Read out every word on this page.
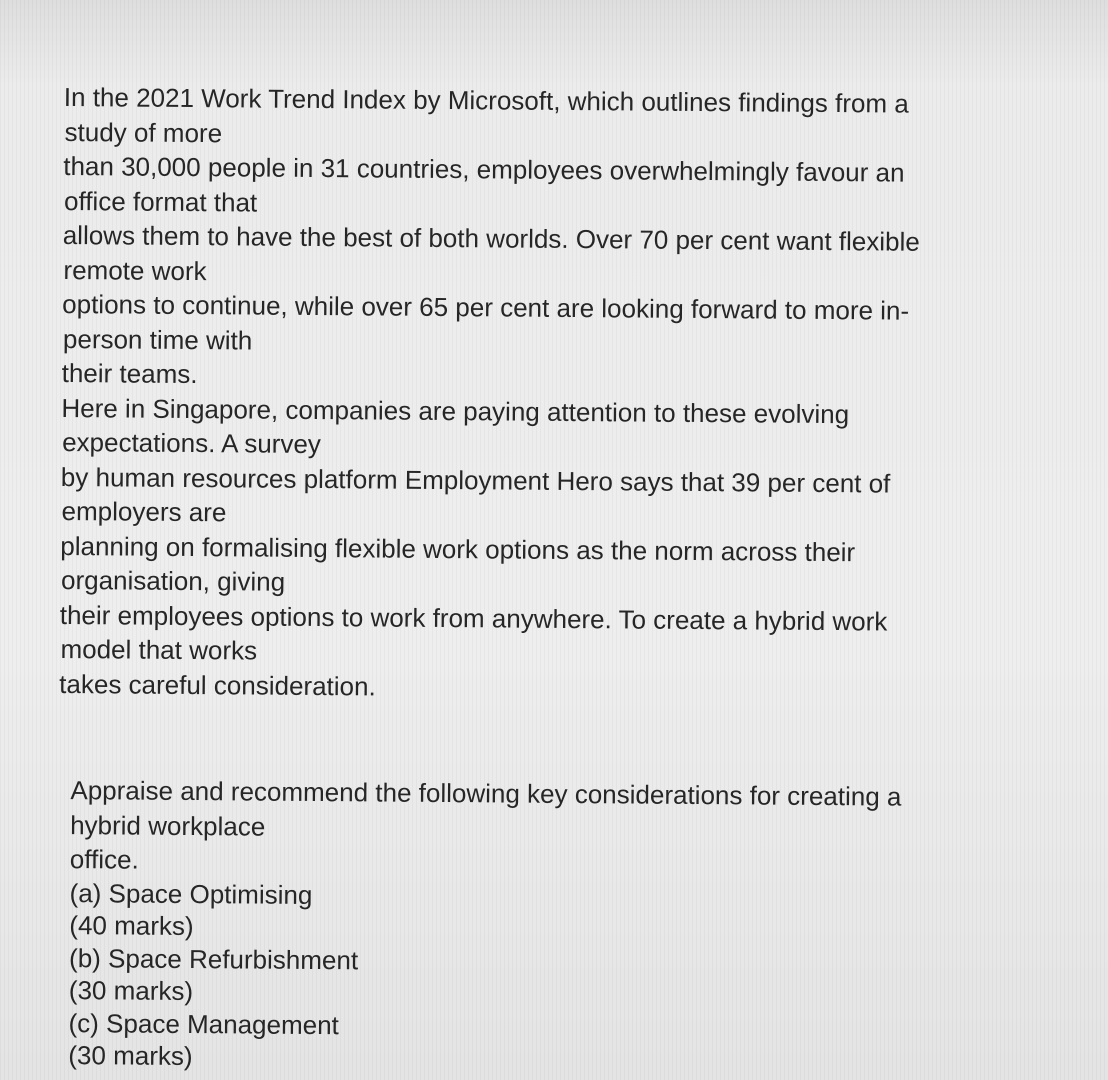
In the 2021 Work Trend Index by Microsoft, which outlines findings from a
study of more
than 30,000 people in 31 countries, employees overwhelmingly favour an
office format that
allows them to have the best of both worlds. Over 70 per cent want flexible
remote work
options to continue, while over 65 per cent are looking forward to more in-
person time with
their teams.
Here in Singapore, companies are paying attention to these evolving
expectations. A survey
by human resources platform Employment Hero says that 39 per cent of
employers are
planning on formalising flexible work options as the norm across their
organisation, giving
their employees options to work from anywhere. To create a hybrid work
model that works
takes careful consideration.
Appraise and recommend the following key considerations for creating a
hybrid workplace
office.
(a) Space Optimising
(40 marks)
(b) Space Refurbishment
(30 marks)
(c) Space Management
(30 marks)
